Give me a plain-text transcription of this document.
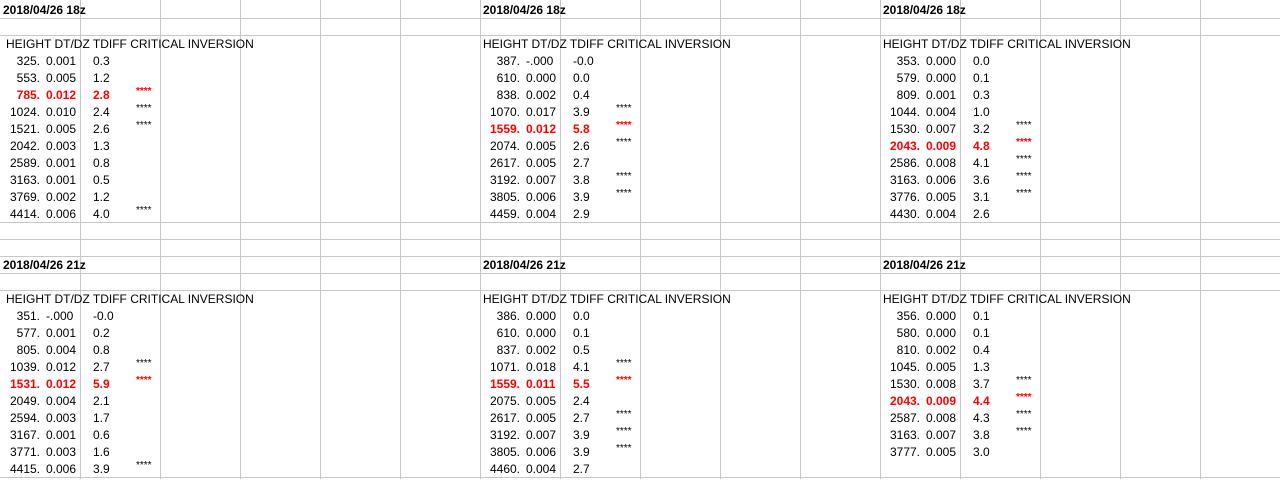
2018/04/26 18z
HEIGHT DT/DZ TDIFF CRITICAL INVERSION
325. 0.001 0.3
553. 0.005 1.2
785. 0.012 2.8	****
1024. 0.010 2.4	****
1521. 0.005 2.6	****
2042. 0.003 1.3
2589. 0.001 0.8
3163. 0.001 0.5
3769. 0.002 1.2
4414. 0.006 4.0	****
2018/04/26 18z
HEIGHT DT/DZ TDIFF CRITICAL INVERSION
387. -.000 -0.0
610. 0.000 0.0
838. 0.002 0.4
1070. 0.017 3.9	****
1559. 0.012 5.8	****
2074. 0.005 2.6	****
2617. 0.005 2.7
3192. 0.007 3.8	****
3805. 0.006 3.9	****
4459. 0.004 2.9
2018/04/26 18z
HEIGHT DT/DZ TDIFF CRITICAL INVERSION
353. 0.000 0.0
579. 0.000 0.1
809. 0.001 0.3
1044. 0.004 1.0
1530. 0.007 3.2	****
2043. 0.009 4.8	****
2586. 0.008 4.1	****
3163. 0.006 3.6	****
3776. 0.005 3.1	****
4430. 0.004 2.6
2018/04/26 21z
HEIGHT DT/DZ TDIFF CRITICAL INVERSION
351. -.000 -0.0
577. 0.001 0.2
805. 0.004 0.8
1039. 0.012 2.7	****
1531. 0.012 5.9	****
2049. 0.004 2.1
2594. 0.003 1.7
3167. 0.001 0.6
3771. 0.003 1.6
4415. 0.006 3.9	****
2018/04/26 21z
HEIGHT DT/DZ TDIFF CRITICAL INVERSION
386. 0.000 0.0
610. 0.000 0.1
837. 0.002 0.5
1071. 0.018 4.1	****
1559. 0.011 5.5	****
2075. 0.005 2.4
2617. 0.005 2.7	****
3192. 0.007 3.9	****
3805. 0.006 3.9	****
4460. 0.004 2.7
2018/04/26 21z
HEIGHT DT/DZ TDIFF CRITICAL INVERSION
356. 0.000 0.1
580. 0.000 0.1
810. 0.002 0.4
1045. 0.005 1.3
1530. 0.008 3.7	****
2043. 0.009 4.4	****
2587. 0.008 4.3	****
3163. 0.007 3.8	****
3777. 0.005 3.0
